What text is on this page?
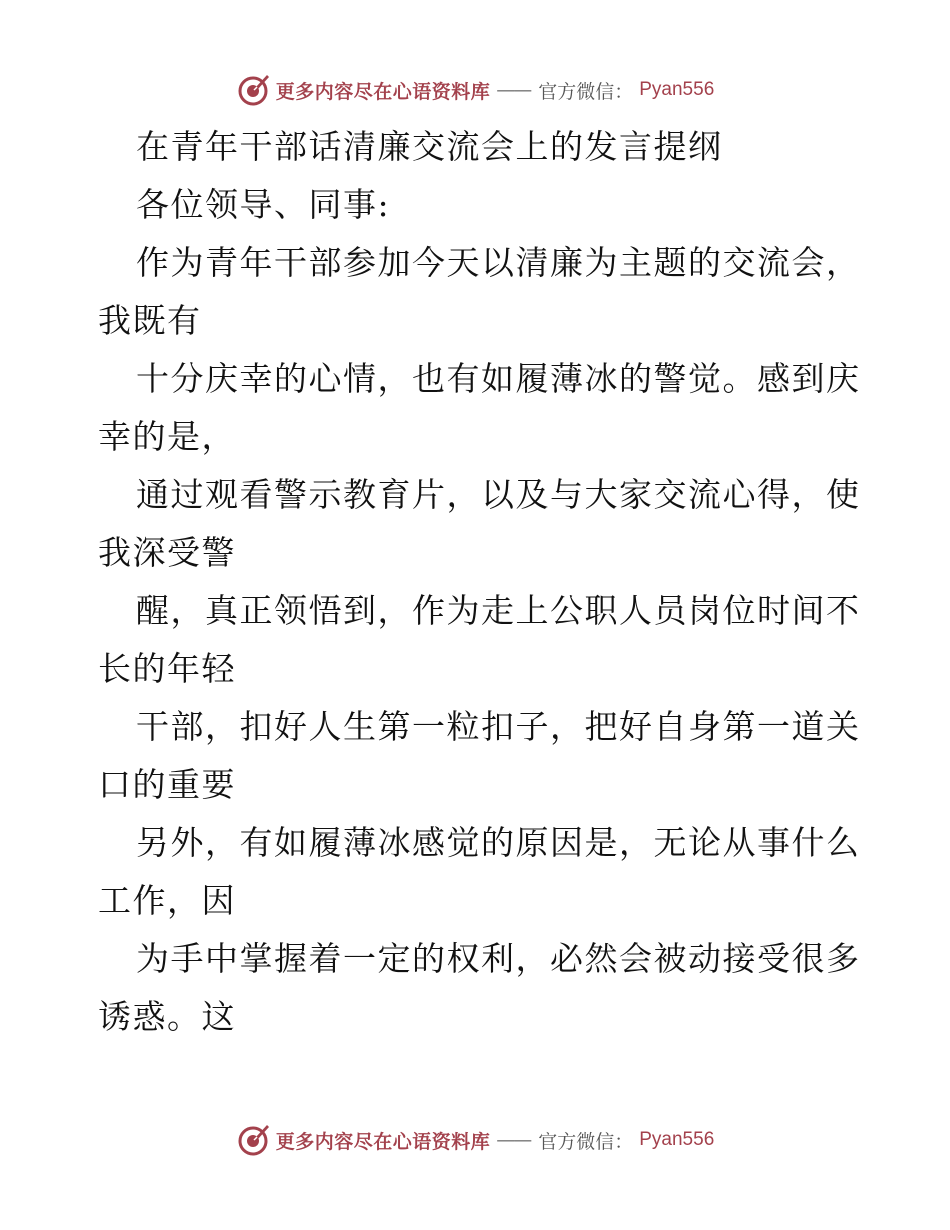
更多内容尽在心语资料库 —— 官方微信： Pyan556
在青年干部话清廉交流会上的发言提纲
各位领导、同事:
作为青年干部参加今天以清廉为主题的交流会，
我既有
十分庆幸的心情，也有如履薄冰的警觉。感到庆
幸的是，
通过观看警示教育片，以及与大家交流心得，使
我深受警
醒，真正领悟到，作为走上公职人员岗位时间不
长的年轻
干部，扣好人生第一粒扣子，把好自身第一道关
口的重要
另外，有如履薄冰感觉的原因是，无论从事什么
工作，因
为手中掌握着一定的权利，必然会被动接受很多
诱惑。这
更多内容尽在心语资料库 —— 官方微信： Pyan556
